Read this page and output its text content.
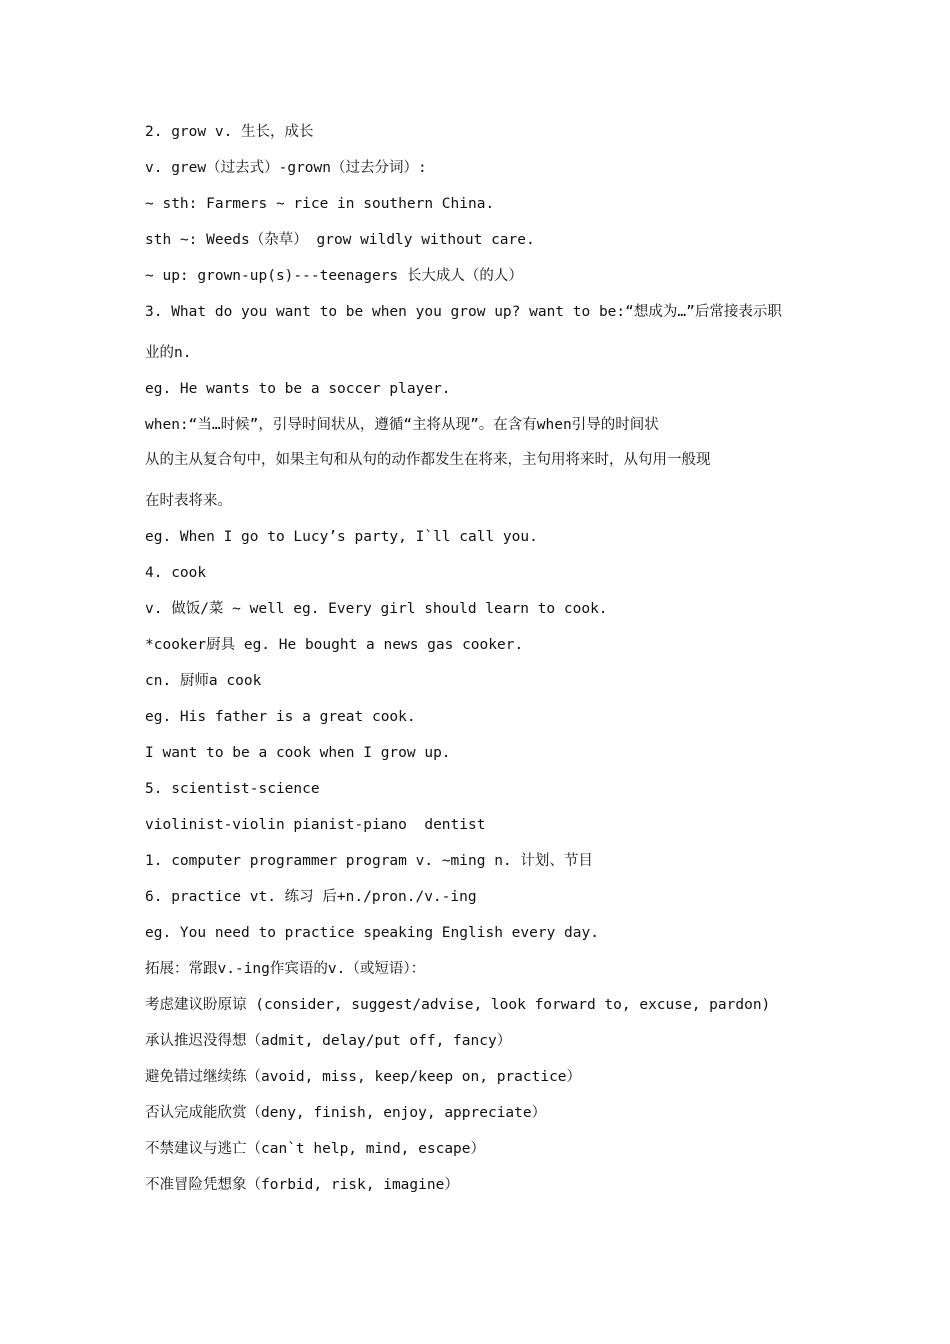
2. grow v. 生长，成长
v. grew（过去式）-grown（过去分词）:
~ sth: Farmers ~ rice in southern China.
sth ~: Weeds（杂草） grow wildly without care.
~ up: grown-up(s)---teenagers 长大成人（的人）
3. What do you want to be when you grow up? want to be:“想成为…”后常接表示职
业的n.
eg. He wants to be a soccer player.
when:“当…时候”，引导时间状从，遵循“主将从现”。在含有when引导的时间状
从的主从复合句中，如果主句和从句的动作都发生在将来，主句用将来时，从句用一般现
在时表将来。
eg. When I go to Lucy’s party, I`ll call you.
4. cook
v. 做饭/菜 ~ well eg. Every girl should learn to cook.
*cooker厨具 eg. He bought a news gas cooker.
cn. 厨师a cook
eg. His father is a great cook.
I want to be a cook when I grow up.
5. scientist-science
violinist-violin pianist-piano  dentist
1. computer programmer program v. ~ming n. 计划、节目
6. practice vt. 练习 后+n./pron./v.-ing
eg. You need to practice speaking English every day.
拓展：常跟v.-ing作宾语的v.（或短语）：
考虑建议盼原谅 (consider, suggest/advise, look forward to, excuse, pardon)
承认推迟没得想（admit, delay/put off, fancy）
避免错过继续练（avoid, miss, keep/keep on, practice）
否认完成能欣赏（deny, finish, enjoy, appreciate）
不禁建议与逃亡（can`t help, mind, escape）
不准冒险凭想象（forbid, risk, imagine）
